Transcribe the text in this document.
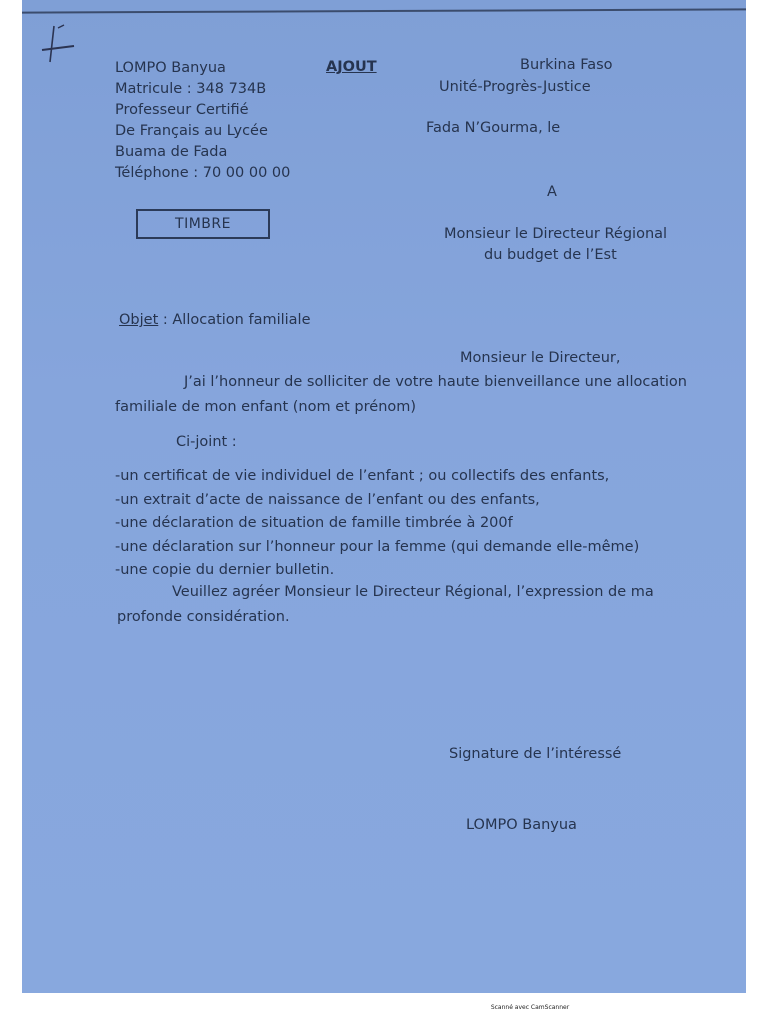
LOMPO Banyua
Matricule : 348 734B
Professeur Certifié
De Français au Lycée
Buama de Fada
Téléphone : 70 00 00 00
AJOUT	Burkina Faso
Unité-Progrès-Justice
Fada N’Gourma, le
TIMBRE
A
Monsieur le Directeur Régional
du budget de l’Est
Objet : Allocation familiale
Monsieur le Directeur,
J’ai l’honneur de solliciter de votre haute bienveillance une allocation
familiale de mon enfant (nom et prénom)
Ci-joint :
-un certificat de vie individuel de l’enfant ; ou collectifs des enfants,
-un extrait d’acte de naissance de l’enfant ou des enfants,
-une déclaration de situation de famille timbrée à 200f
-une déclaration sur l’honneur pour la femme (qui demande elle-même)
-une copie du dernier bulletin.
Veuillez agréer Monsieur le Directeur Régional, l’expression de ma
profonde considération.
Signature de l’intéressé
LOMPO Banyua
Scanné avec CamScanner
